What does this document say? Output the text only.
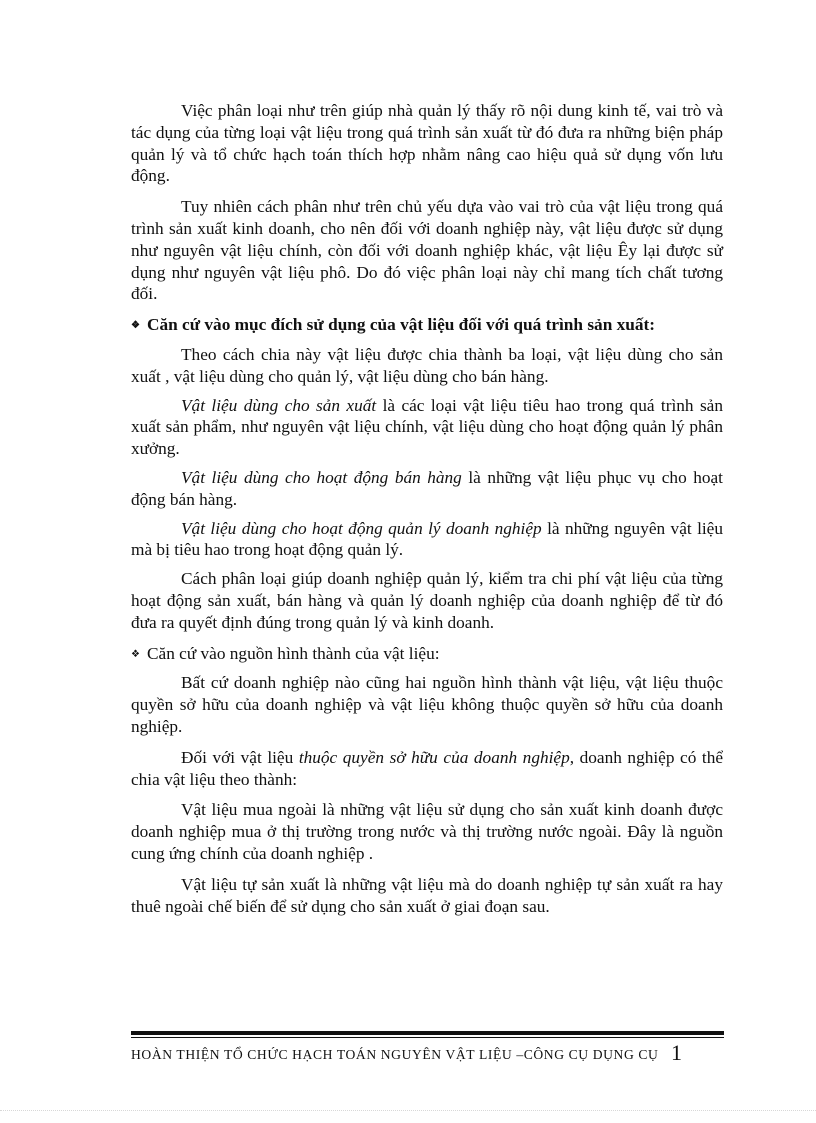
Việc phân loại như trên giúp nhà quản lý thấy rõ nội dung kinh tế, vai trò và tác dụng của từng loại vật liệu trong quá trình sản xuất từ đó đưa ra những biện pháp quản lý và tổ chức hạch toán thích hợp nhằm nâng cao hiệu quả sử dụng vốn lưu động.

Tuy nhiên cách phân như trên chủ yếu dựa vào vai trò của vật liệu trong quá trình sản xuất kinh doanh, cho nên đối với doanh nghiệp này, vật liệu được sử dụng như nguyên vật liệu chính, còn đối với doanh nghiệp khác, vật liệu Êy lại được sử dụng như nguyên vật liệu phô. Do đó việc phân loại này chỉ mang tích chất tương đối.

❖ Căn cứ vào mục đích sử dụng của vật liệu đối với quá trình sản xuất:

Theo cách chia này vật liệu được chia thành ba loại, vật liệu dùng cho sản xuất , vật liệu dùng cho quản lý, vật liệu dùng cho bán hàng.

Vật liệu dùng cho sản xuất là các loại vật liệu tiêu hao trong quá trình sản xuất sản phẩm, như nguyên vật liệu chính, vật liệu dùng cho hoạt động quản lý phân xưởng.

Vật liệu dùng cho hoạt động bán hàng là những vật liệu phục vụ cho hoạt động bán hàng.

Vật liệu dùng cho hoạt động quản lý doanh nghiệp là những nguyên vật liệu mà bị tiêu hao trong hoạt động quản lý.

Cách phân loại giúp doanh nghiệp quản lý, kiểm tra chi phí vật liệu của từng hoạt động sản xuất, bán hàng và quản lý doanh nghiệp của doanh nghiệp để từ đó đưa ra quyết định đúng trong quản lý và kinh doanh.

❖ Căn cứ vào nguồn hình thành của vật liệu:

Bất cứ doanh nghiệp nào cũng hai nguồn hình thành vật liệu, vật liệu thuộc quyền sở hữu của doanh nghiệp và vật liệu không thuộc quyền sở hữu của doanh nghiệp.

Đối với vật liệu thuộc quyền sở hữu của doanh nghiệp, doanh nghiệp có thể chia vật liệu theo thành:

Vật liệu mua ngoài là những vật liệu sử dụng cho sản xuất kinh doanh được doanh nghiệp mua ở thị trường trong nước và thị trường nước ngoài. Đây là nguồn cung ứng chính của doanh nghiệp .

Vật liệu tự sản xuất là những vật liệu mà do doanh nghiệp tự sản xuất ra hay thuê ngoài chế biến để sử dụng cho sản xuất ở giai đoạn sau.

HOÀN THIỆN TỔ CHỨC HẠCH TOÁN NGUYÊN VẬT LIỆU –CÔNG CỤ DỤNG CỤ 1
